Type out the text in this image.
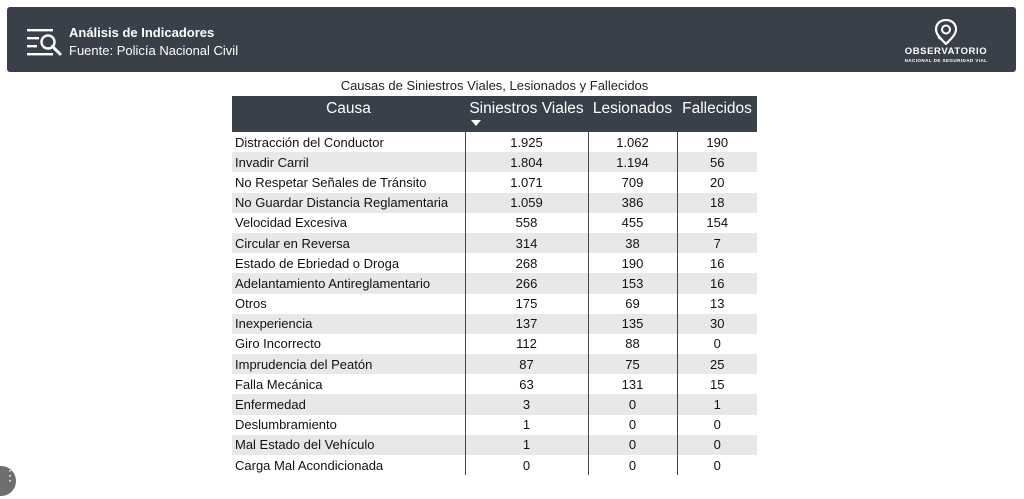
Análisis de Indicadores
Fuente: Policía Nacional Civil	OBSERVATORIO
NACIONAL DE SEGURIDAD VIAL
Causas de Siniestros Viales, Lesionados y Fallecidos
Causa	Siniestros Viales	Lesionados	Fallecidos
Distracción del Conductor	1.925	1.062	190
Invadir Carril	1.804	1.194	56
No Respetar Señales de Tránsito	1.071	709	20
No Guardar Distancia Reglamentaria	1.059	386	18
Velocidad Excesiva	558	455	154
Circular en Reversa	314	38	7
Estado de Ebriedad o Droga	268	190	16
Adelantamiento Antireglamentario	266	153	16
Otros	175	69	13
Inexperiencia	137	135	30
Giro Incorrecto	112	88	0
Imprudencia del Peatón	87	75	25
Falla Mecánica	63	131	15
Enfermedad	3	0	1
Deslumbramiento	1	0	0
Mal Estado del Vehículo	1	0	0
Carga Mal Acondicionada	0	0	0
⋮
